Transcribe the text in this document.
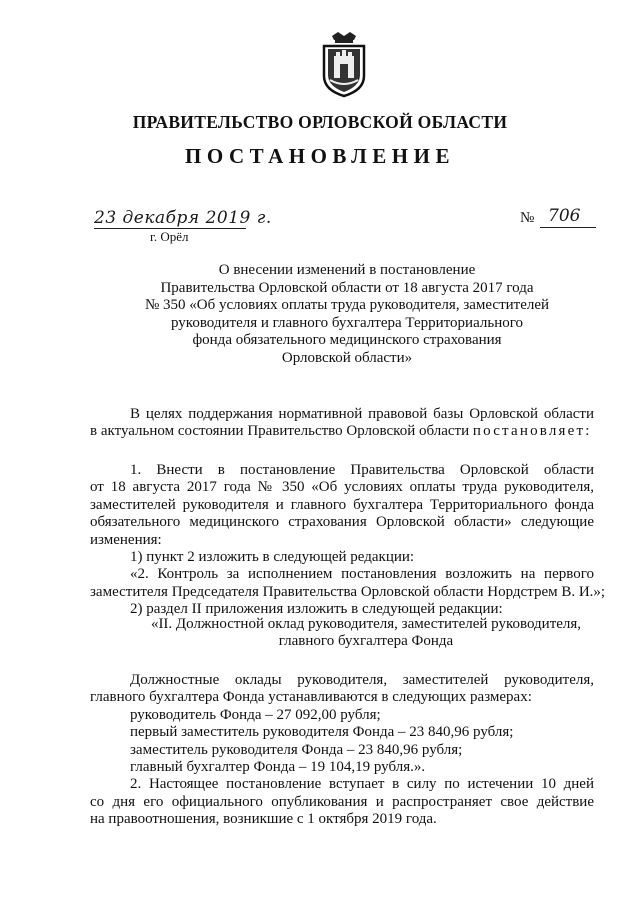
ПРАВИТЕЛЬСТВО ОРЛОВСКОЙ ОБЛАСТИ
ПОСТАНОВЛЕНИЕ
23 декабря 2019 г.
г. Орёл
№ 706
О внесении изменений в постановление
Правительства Орловской области от 18 августа 2017 года
№ 350 «Об условиях оплаты труда руководителя, заместителей
руководителя и главного бухгалтера Территориального
фонда обязательного медицинского страхования
Орловской области»
В целях поддержания нормативной правовой базы Орловской области
в актуальном состоянии Правительство Орловской области постановляет:
1. Внести в постановление Правительства Орловской области
от 18 августа 2017 года № 350 «Об условиях оплаты труда руководителя,
заместителей руководителя и главного бухгалтера Территориального фонда
обязательного медицинского страхования Орловской области» следующие
изменения:
1) пункт 2 изложить в следующей редакции:
«2. Контроль за исполнением постановления возложить на первого
заместителя Председателя Правительства Орловской области Нордстрем В. И.»;
2) раздел II приложения изложить в следующей редакции:
«II. Должностной оклад руководителя, заместителей руководителя,
главного бухгалтера Фонда
Должностные оклады руководителя, заместителей руководителя,
главного бухгалтера Фонда устанавливаются в следующих размерах:
руководитель Фонда – 27 092,00 рубля;
первый заместитель руководителя Фонда – 23 840,96 рубля;
заместитель руководителя Фонда – 23 840,96 рубля;
главный бухгалтер Фонда – 19 104,19 рубля.».
2. Настоящее постановление вступает в силу по истечении 10 дней
со дня его официального опубликования и распространяет свое действие
на правоотношения, возникшие с 1 октября 2019 года.
